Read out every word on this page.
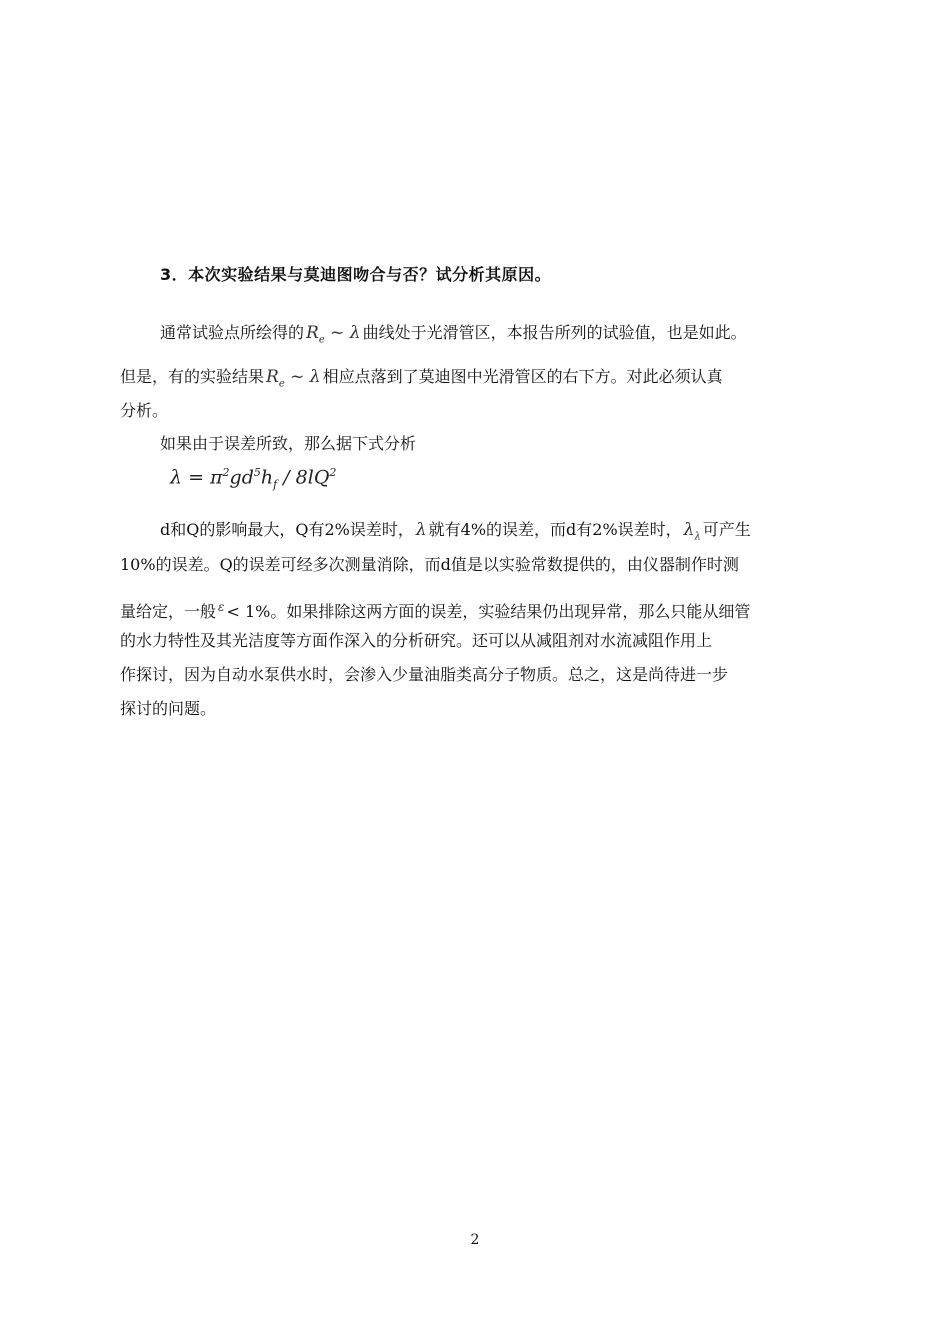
3．本次实验结果与莫迪图吻合与否？试分析其原因。
通常试验点所绘得的 $R_e$ ~ λ 曲线处于光滑管区，本报告所列的试验值，也是如此。
但是，有的实验结果 $R_e$ ~ λ 相应点落到了莫迪图中光滑管区的右下方。对此必须认真
分析。
如果由于误差所致，那么据下式分析
$\lambda = \pi^2gd^5h_f / 8lQ^2$
d和Q的影响最大，Q有2%误差时， λ 就有4%的误差，而d有2%误差时， $\lambda_\lambda$ 可产生
10%的误差。Q的误差可经多次测量消除，而d值是以实验常数提供的，由仪器制作时测
量给定，一般 ε < 1%。如果排除这两方面的误差，实验结果仍出现异常，那么只能从细管
的水力特性及其光洁度等方面作深入的分析研究。还可以从减阻剂对水流减阻作用上
作探讨，因为自动水泵供水时，会渗入少量油脂类高分子物质。总之，这是尚待进一步
探讨的问题。
2
